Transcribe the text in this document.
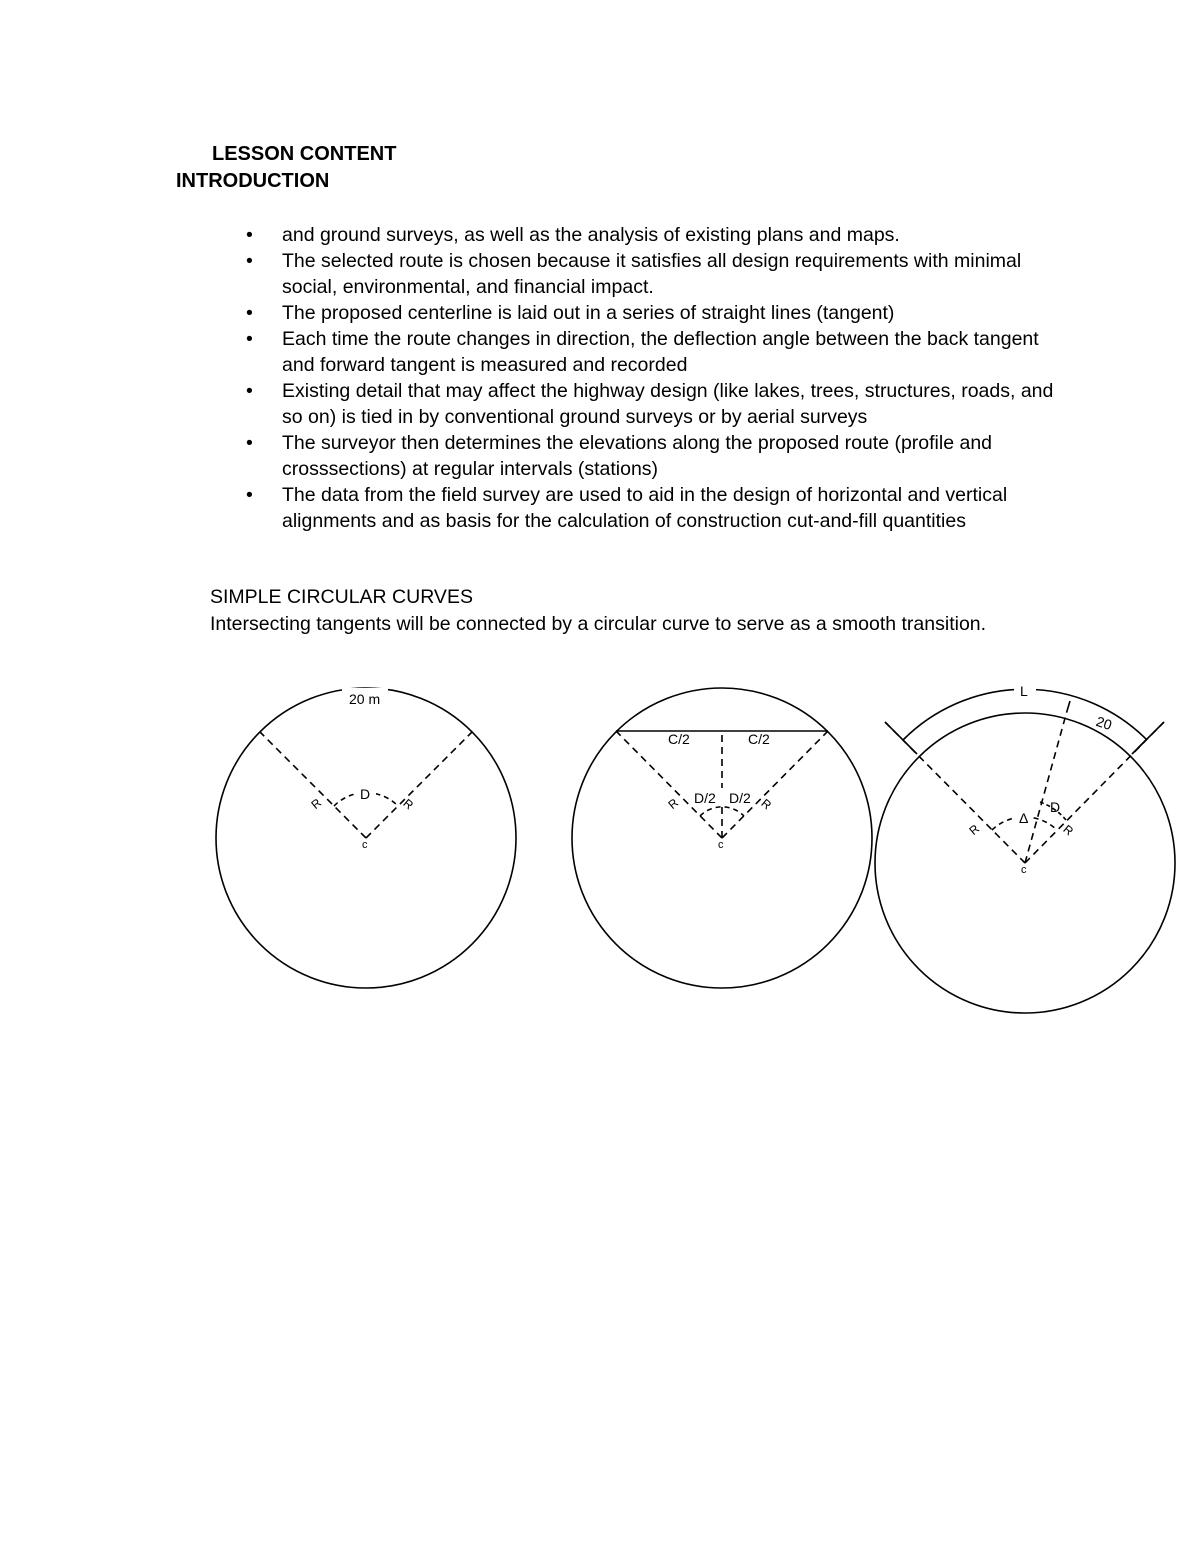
LESSON CONTENT
INTRODUCTION
• and ground surveys, as well as the analysis of existing plans and maps.
• The selected route is chosen because it satisfies all design requirements with minimal social, environmental, and financial impact.
• The proposed centerline is laid out in a series of straight lines (tangent)
• Each time the route changes in direction, the deflection angle between the back tangent and forward tangent is measured and recorded
• Existing detail that may affect the highway design (like lakes, trees, structures, roads, and so on) is tied in by conventional ground surveys or by aerial surveys
• The surveyor then determines the elevations along the proposed route (profile and crosssections) at regular intervals (stations)
• The data from the field survey are used to aid in the design of horizontal and vertical alignments and as basis for the calculation of construction cut-and-fill quantities
SIMPLE CIRCULAR CURVES

Intersecting tangents will be connected by a circular curve to serve as a smooth transition.

20 m
D
R	R
c
C/2	C/2
D/2 D/2
R	R
c
L
20
Δ
D
R	R
c
